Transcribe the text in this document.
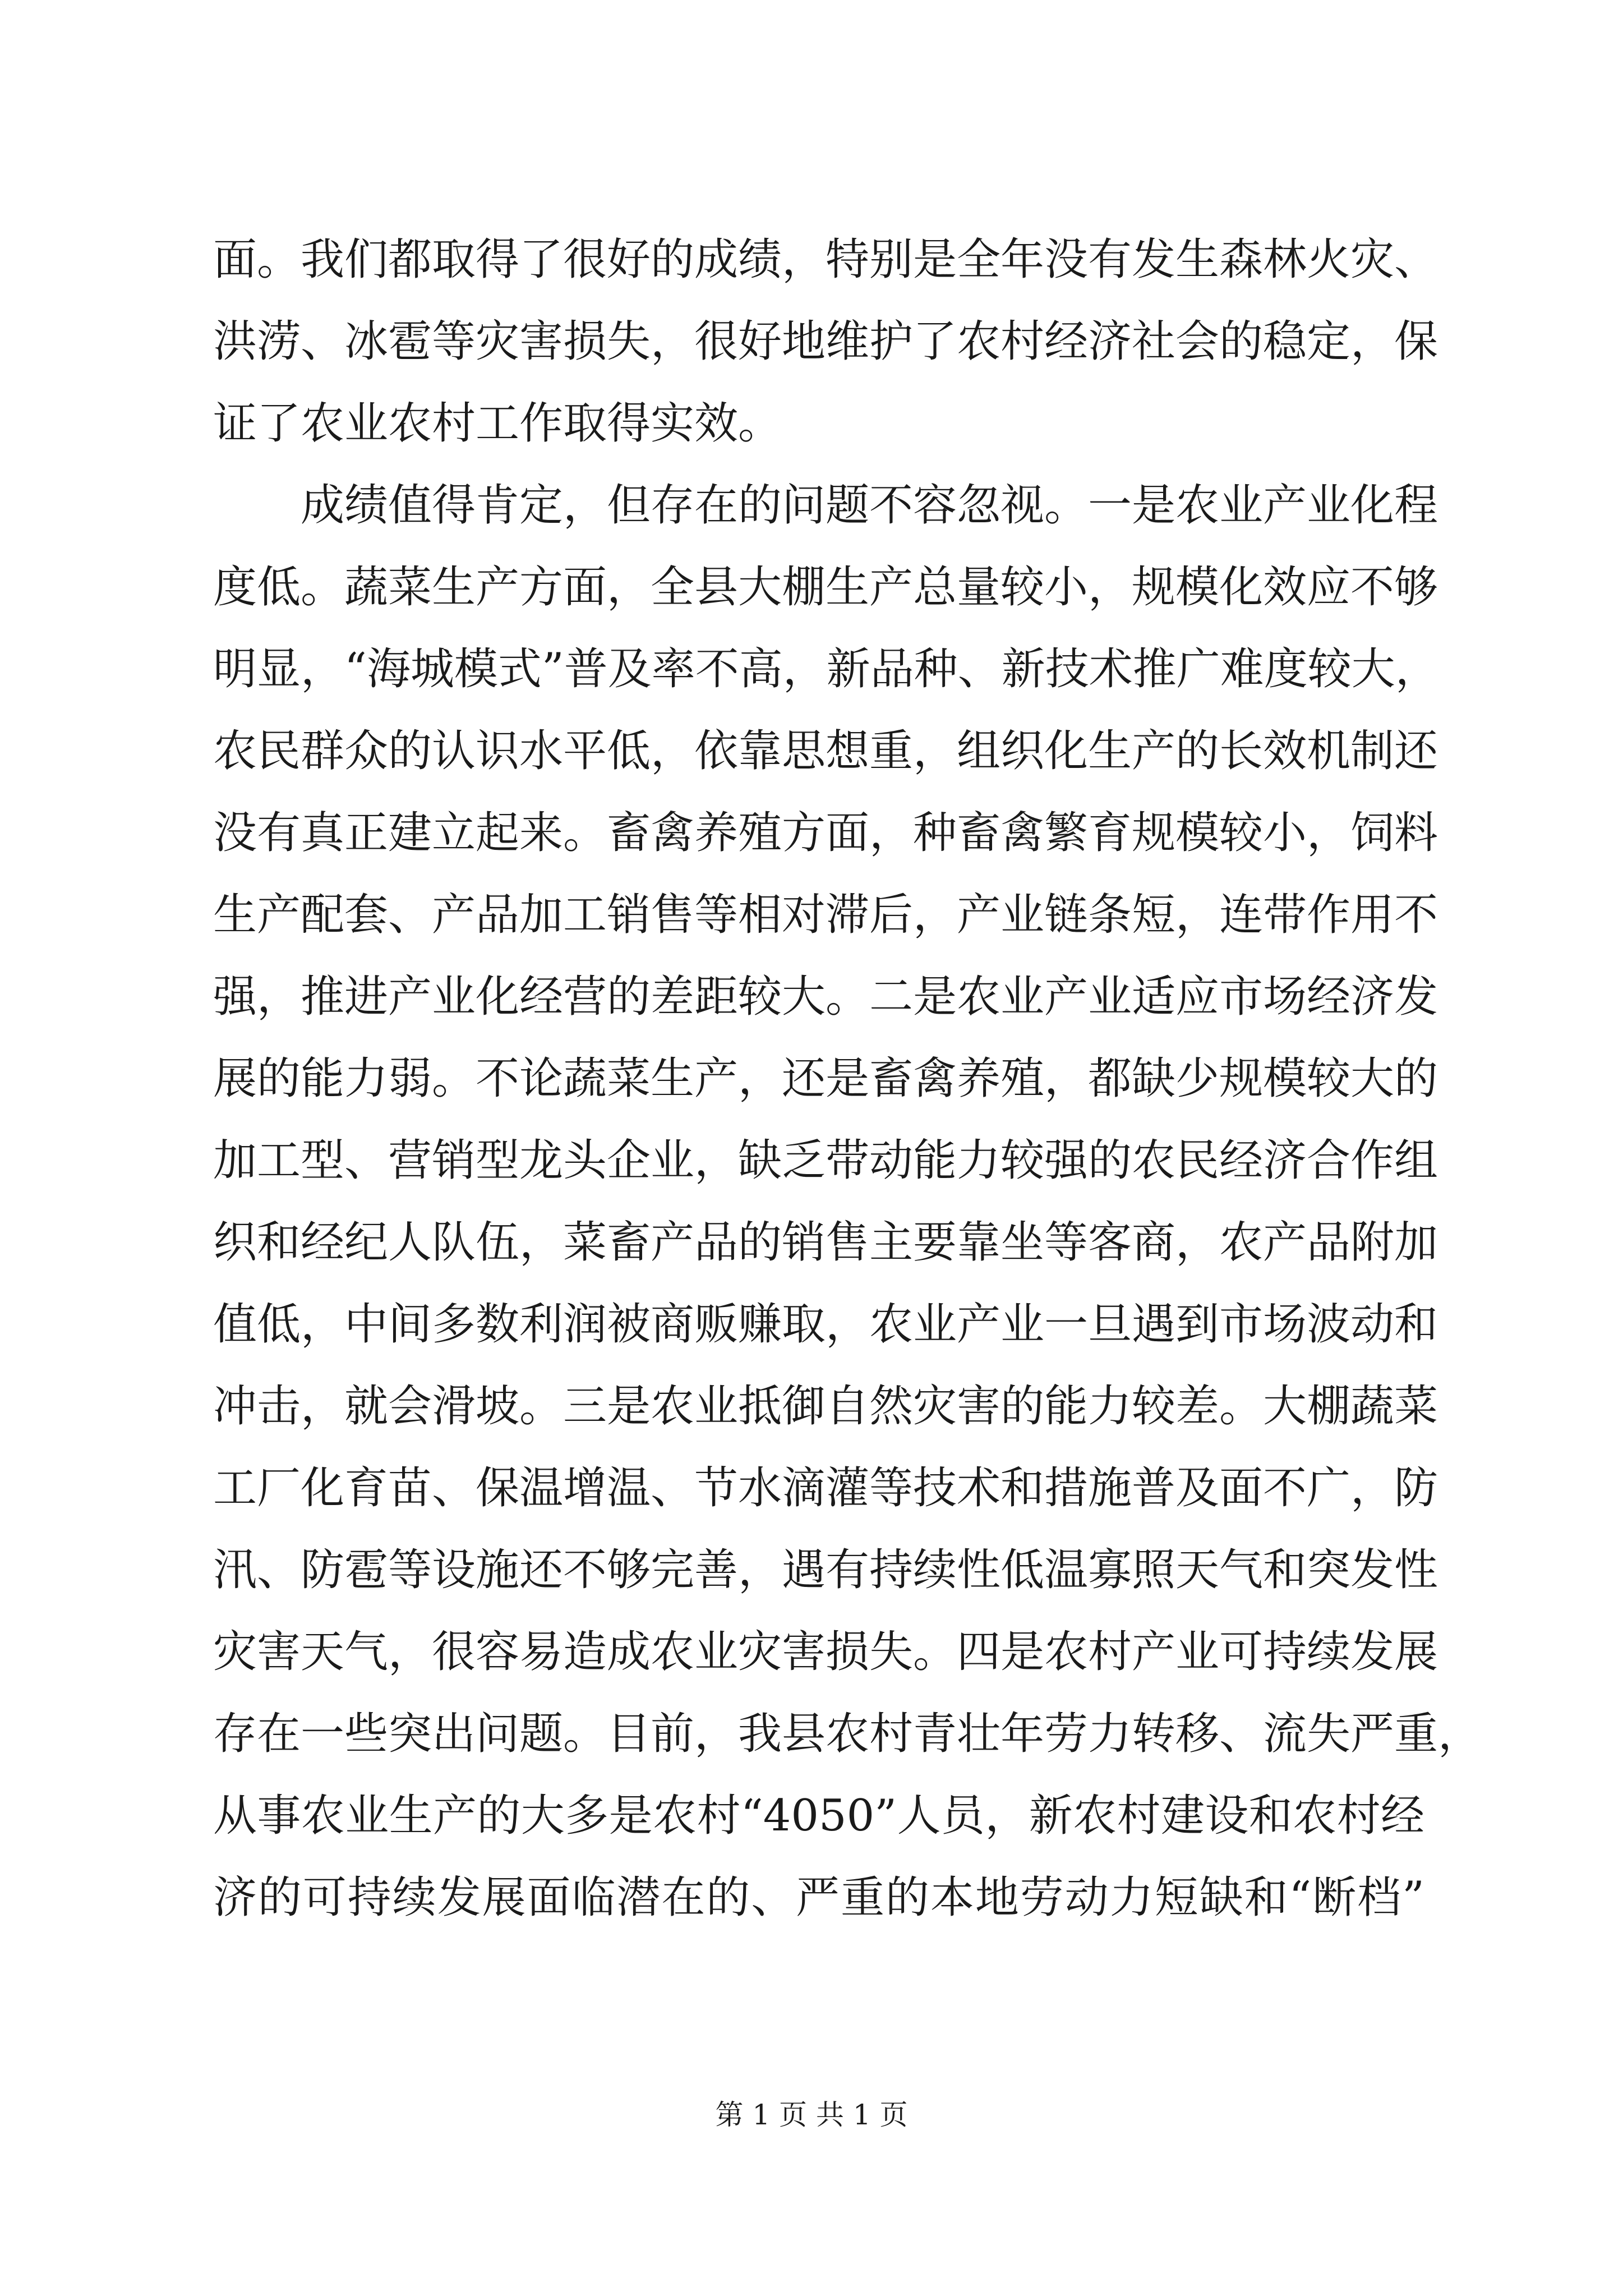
面。我们都取得了很好的成绩，特别是全年没有发生森林火灾、
洪涝、冰雹等灾害损失，很好地维护了农村经济社会的稳定，保
证了农业农村工作取得实效。
　　成绩值得肯定，但存在的问题不容忽视。一是农业产业化程
度低。蔬菜生产方面，全县大棚生产总量较小，规模化效应不够
明显，“海城模式”普及率不高，新品种、新技术推广难度较大，
农民群众的认识水平低，依靠思想重，组织化生产的长效机制还
没有真正建立起来。畜禽养殖方面，种畜禽繁育规模较小，饲料
生产配套、产品加工销售等相对滞后，产业链条短，连带作用不
强，推进产业化经营的差距较大。二是农业产业适应市场经济发
展的能力弱。不论蔬菜生产，还是畜禽养殖，都缺少规模较大的
加工型、营销型龙头企业，缺乏带动能力较强的农民经济合作组
织和经纪人队伍，菜畜产品的销售主要靠坐等客商，农产品附加
值低，中间多数利润被商贩赚取，农业产业一旦遇到市场波动和
冲击，就会滑坡。三是农业抵御自然灾害的能力较差。大棚蔬菜
工厂化育苗、保温增温、节水滴灌等技术和措施普及面不广，防
汛、防雹等设施还不够完善，遇有持续性低温寡照天气和突发性
灾害天气，很容易造成农业灾害损失。四是农村产业可持续发展
存在一些突出问题。目前，我县农村青壮年劳力转移、流失严重，
从事农业生产的大多是农村“4050”人员，新农村建设和农村经
济的可持续发展面临潜在的、严重的本地劳动力短缺和“断档”
第 1 页 共 1 页
